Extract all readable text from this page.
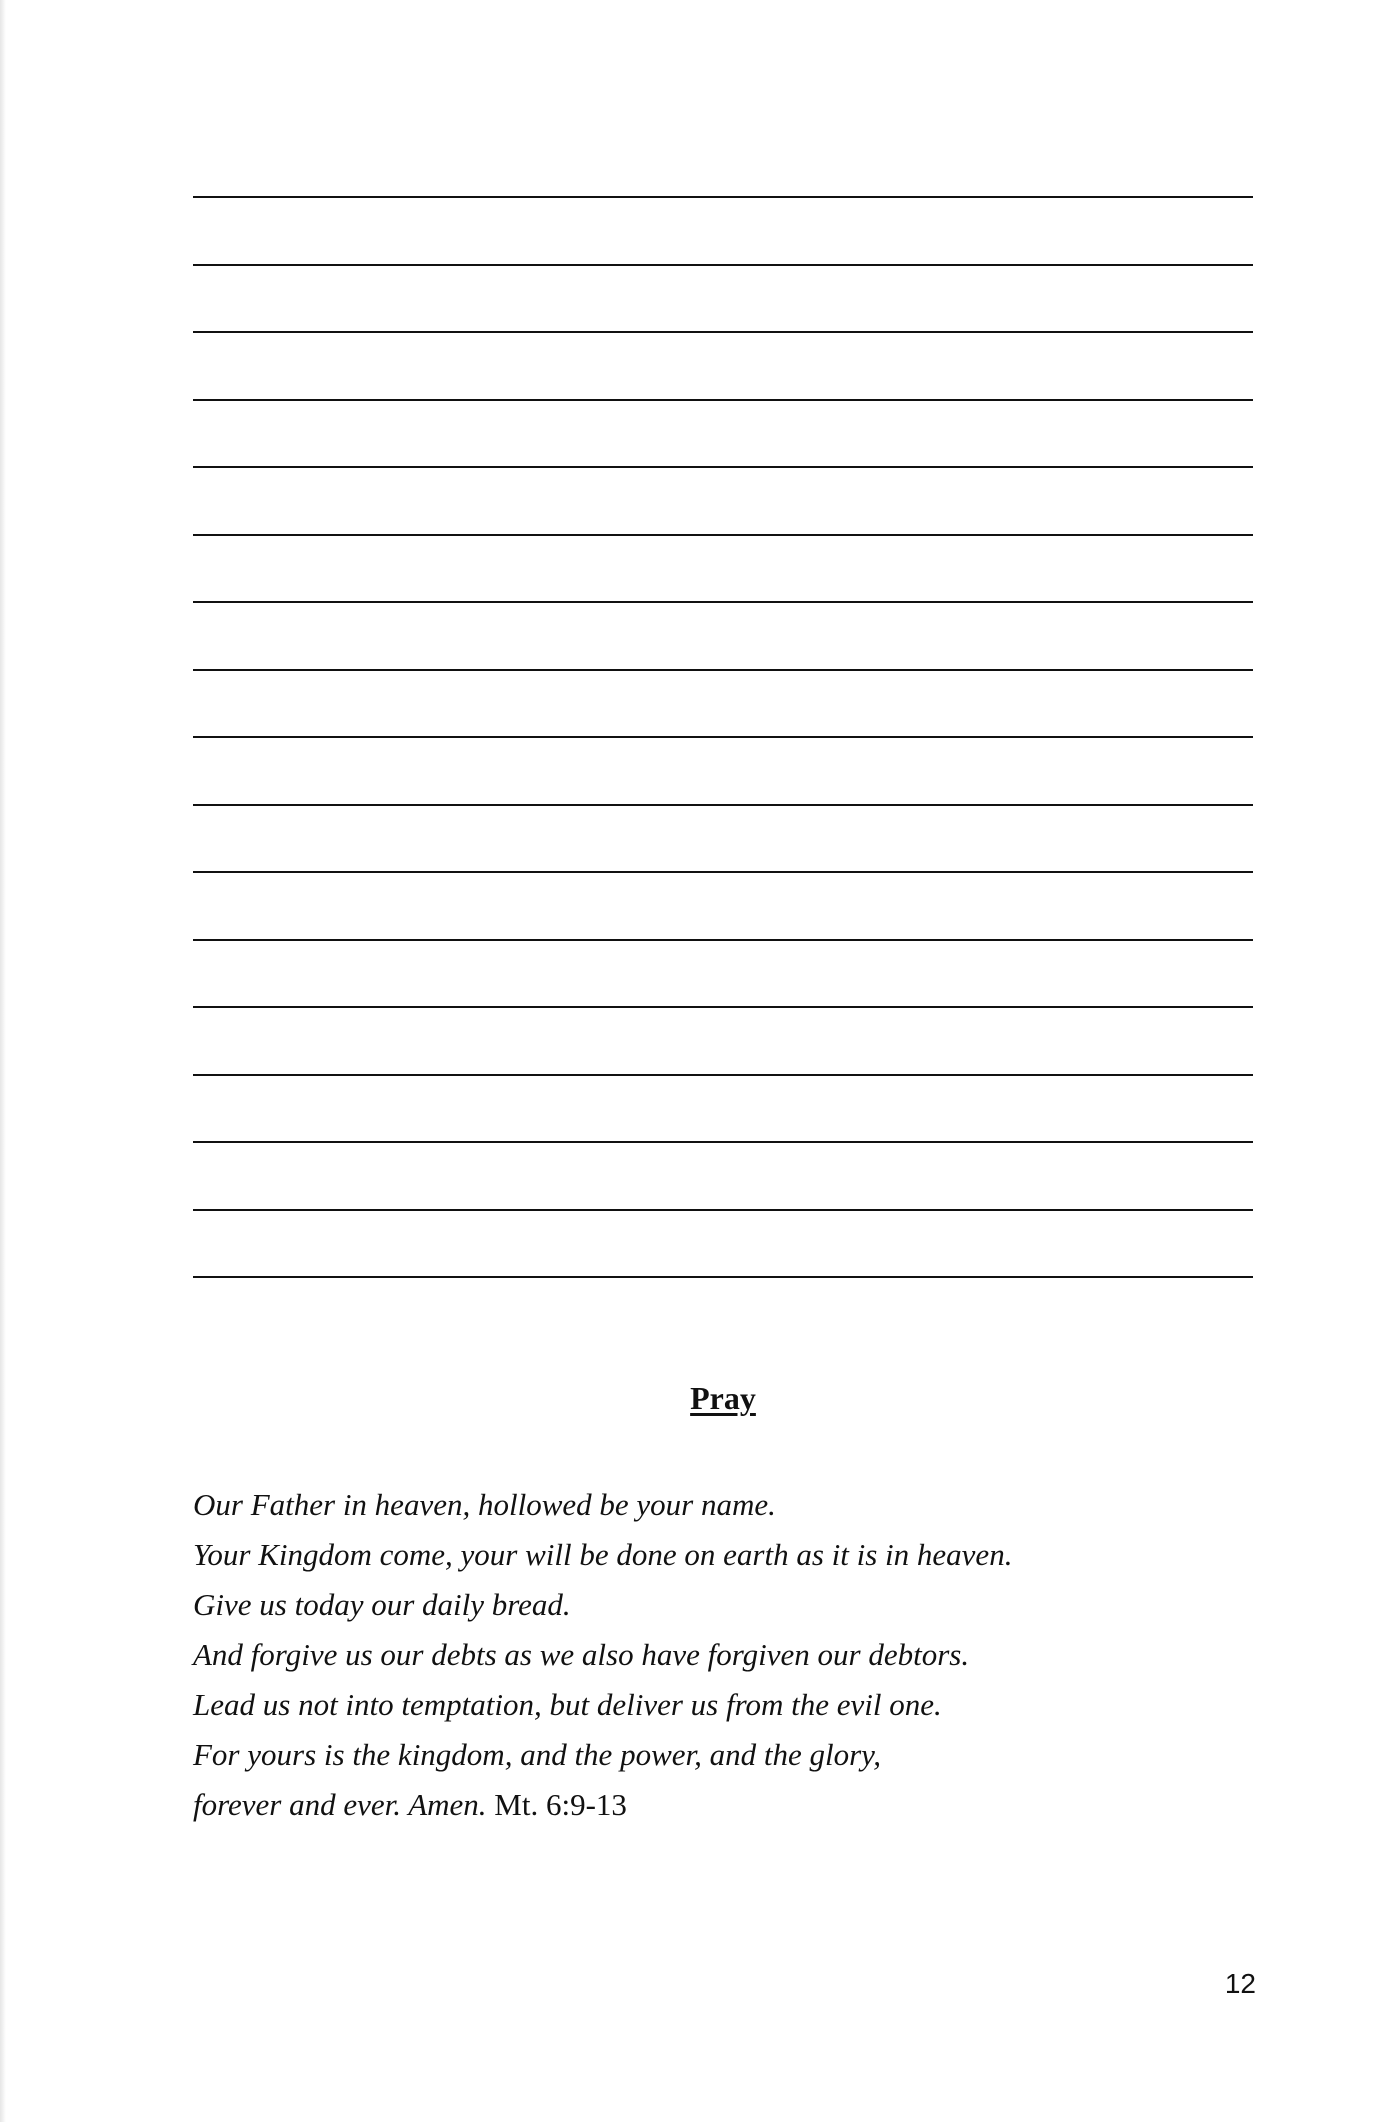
Pray
Our Father in heaven, hollowed be your name.
Your Kingdom come, your will be done on earth as it is in heaven.
Give us today our daily bread.
And forgive us our debts as we also have forgiven our debtors.
Lead us not into temptation, but deliver us from the evil one.
For yours is the kingdom, and the power, and the glory,
forever and ever. Amen. Mt. 6:9-13
12
